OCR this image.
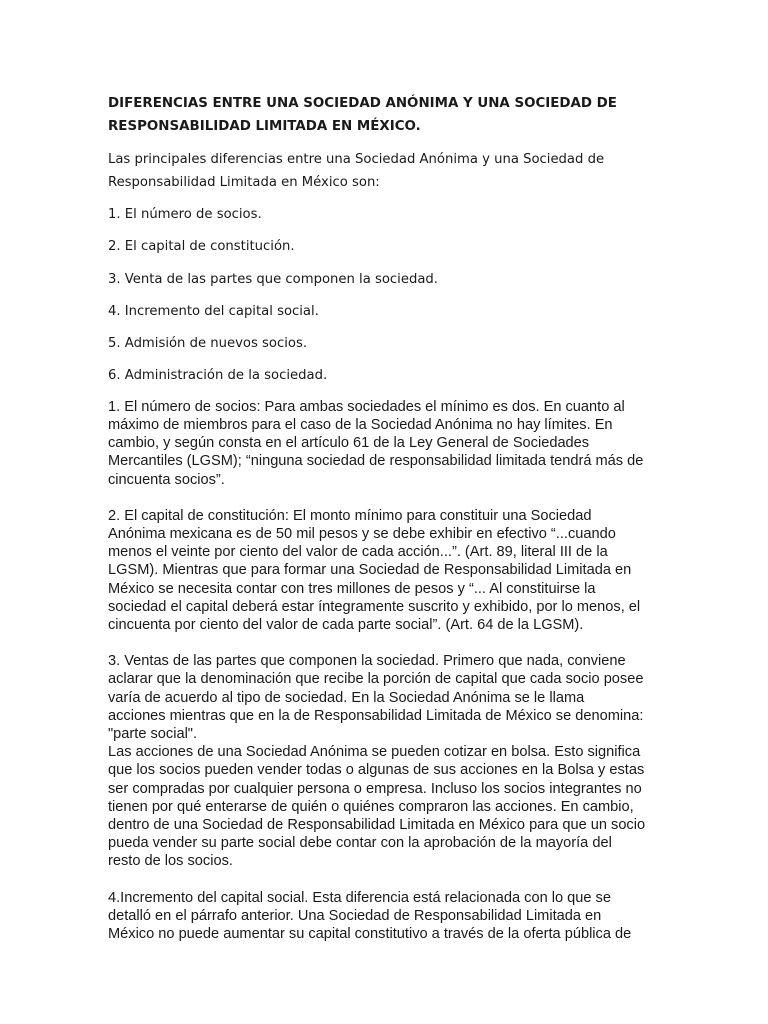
DIFERENCIAS ENTRE UNA SOCIEDAD ANÓNIMA Y UNA SOCIEDAD DE
RESPONSABILIDAD LIMITADA EN MÉXICO.

Las principales diferencias entre una Sociedad Anónima y una Sociedad de
Responsabilidad Limitada en México son:

1. El número de socios.
2. El capital de constitución.
3. Venta de las partes que componen la sociedad.
4. Incremento del capital social.
5. Admisión de nuevos socios.
6. Administración de la sociedad.

1. El número de socios: Para ambas sociedades el mínimo es dos. En cuanto al
máximo de miembros para el caso de la Sociedad Anónima no hay límites. En
cambio, y según consta en el artículo 61 de la Ley General de Sociedades
Mercantiles (LGSM); “ninguna sociedad de responsabilidad limitada tendrá más de
cincuenta socios”.

2. El capital de constitución: El monto mínimo para constituir una Sociedad
Anónima mexicana es de 50 mil pesos y se debe exhibir en efectivo “...cuando
menos el veinte por ciento del valor de cada acción...”. (Art. 89, literal III de la
LGSM). Mientras que para formar una Sociedad de Responsabilidad Limitada en
México se necesita contar con tres millones de pesos y “... Al constituirse la
sociedad el capital deberá estar íntegramente suscrito y exhibido, por lo menos, el
cincuenta por ciento del valor de cada parte social”. (Art. 64 de la LGSM).

3. Ventas de las partes que componen la sociedad. Primero que nada, conviene
aclarar que la denominación que recibe la porción de capital que cada socio posee
varía de acuerdo al tipo de sociedad. En la Sociedad Anónima se le llama
acciones mientras que en la de Responsabilidad Limitada de México se denomina:
"parte social".
Las acciones de una Sociedad Anónima se pueden cotizar en bolsa. Esto significa
que los socios pueden vender todas o algunas de sus acciones en la Bolsa y estas
ser compradas por cualquier persona o empresa. Incluso los socios integrantes no
tienen por qué enterarse de quién o quiénes compraron las acciones. En cambio,
dentro de una Sociedad de Responsabilidad Limitada en México para que un socio
pueda vender su parte social debe contar con la aprobación de la mayoría del
resto de los socios.

4.Incremento del capital social. Esta diferencia está relacionada con lo que se
detalló en el párrafo anterior. Una Sociedad de Responsabilidad Limitada en
México no puede aumentar su capital constitutivo a través de la oferta pública de
